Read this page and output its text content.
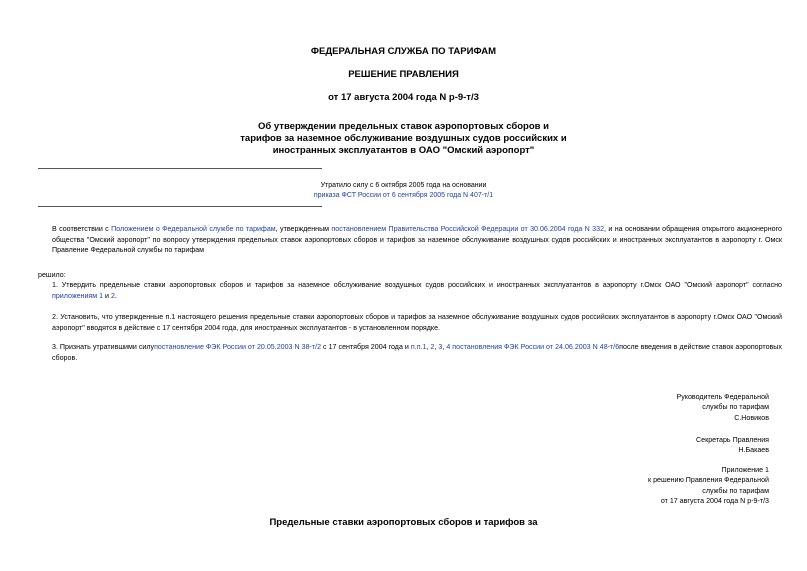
ФЕДЕРАЛЬНАЯ СЛУЖБА ПО ТАРИФАМ
РЕШЕНИЕ ПРАВЛЕНИЯ
от 17 августа 2004 года N р-9-т/3
Об утверждении предельных ставок аэропортовых сборов и
тарифов за наземное обслуживание воздушных судов российских и
иностранных эксплуатантов в ОАО "Омский аэропорт"
Утратило силу с 6 октября 2005 года на основании
приказа ФСТ России от 6 сентября 2005 года N 407-т/1
В соответствии с Положением о Федеральной службе по тарифам, утвержденным постановлением Правительства Российской Федерации от 30.06.2004 года N 332, и на основании обращения открытого акционерного общества "Омский аэропорт" по вопросу утверждения предельных ставок аэропортовых сборов и тарифов за наземное обслуживание воздушных судов российских и иностранных эксплуатантов в аэропорту г. Омск Правление Федеральной службы по тарифам
решило:
1. Утвердить предельные ставки аэропортовых сборов и тарифов за наземное обслуживание воздушных судов российских и иностранных эксплуатантов в аэропорту г.Омск ОАО "Омский аэропорт" согласно приложениям 1 и 2.
2. Установить, что утвержденные п.1 настоящего решения предельные ставки аэропортовых сборов и тарифов за наземное обслуживание воздушных судов российских эксплуатантов в аэропорту г.Омск ОАО "Омский аэропорт" вводятся в действие с 17 сентября 2004 года, для иностранных эксплуатантов - в установленном порядке.
3. Признать утратившими силупостановление ФЭК России от 20.05.2003 N 38-т/2 с 17 сентября 2004 года и п.п.1, 2, 3, 4 постановления ФЭК России от 24.06.2003 N 48-т/6после введения в действие ставок аэропортовых сборов.
Руководитель Федеральной
службы по тарифам
С.Новиков
Секретарь Правления
Н.Бакаев
Приложение 1
к решению Правления Федеральной
службы по тарифам
от 17 августа 2004 года N р-9-т/3
Предельные ставки аэропортовых сборов и тарифов за
